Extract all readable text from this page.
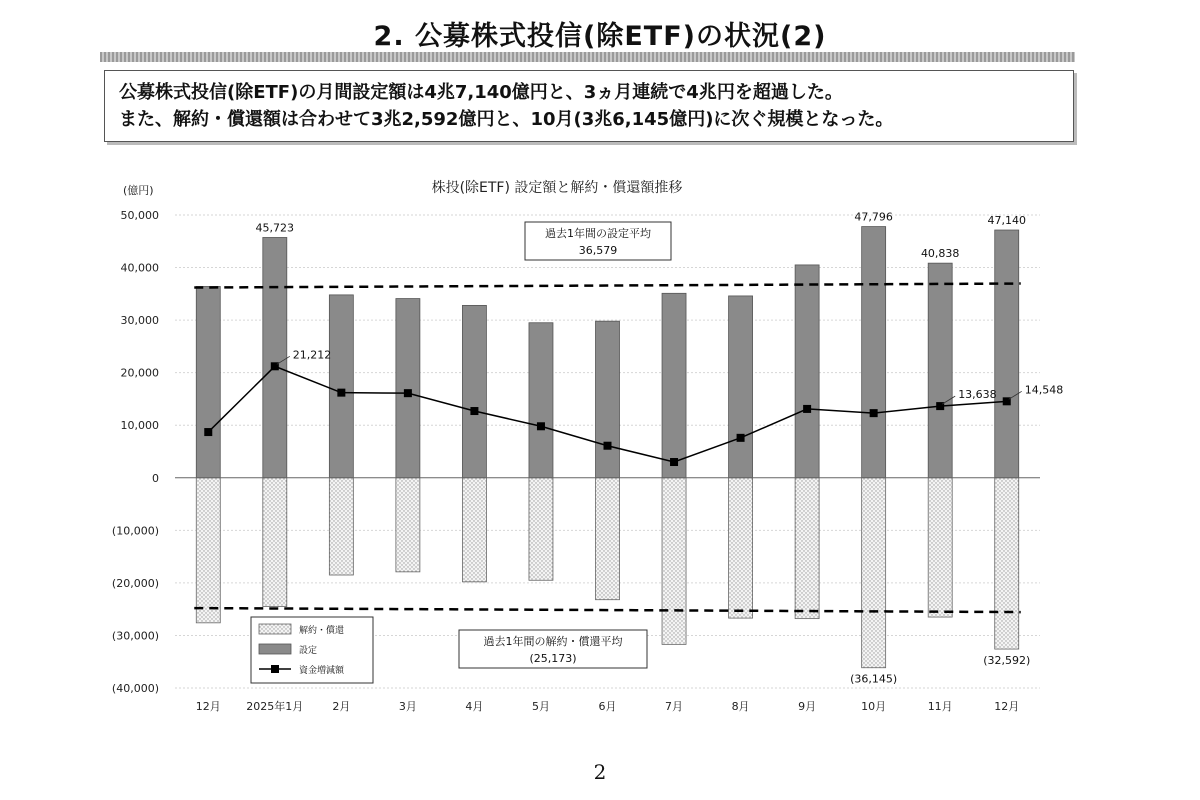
2. 公募株式投信(除ETF)の状況(2)
公募株式投信(除ETF)の月間設定額は4兆7,140億円と、3ヵ月連続で4兆円を超過した。
また、解約・償還額は合わせて3兆2,592億円と、10月(3兆6,145億円)に次ぐ規模となった。
50,000
40,000
30,000
20,000
10,000
0
(10,000)
(20,000)
(30,000)
(40,000)
12月 2025年1月	2月	3月	4月	5月	6月	7月	8月	9月	10月	11月	12月
過去1年間の設定平均
36,579
過去1年間の解約・償還平均
(25,173)
株投(除ETF) 設定額と解約・償還額推移
(億円)
45,723
47,796
40,838
47,140
(36,145)
(32,592)
21,212
13,638	14,548
解約・償還
設定
資金増減額
2
